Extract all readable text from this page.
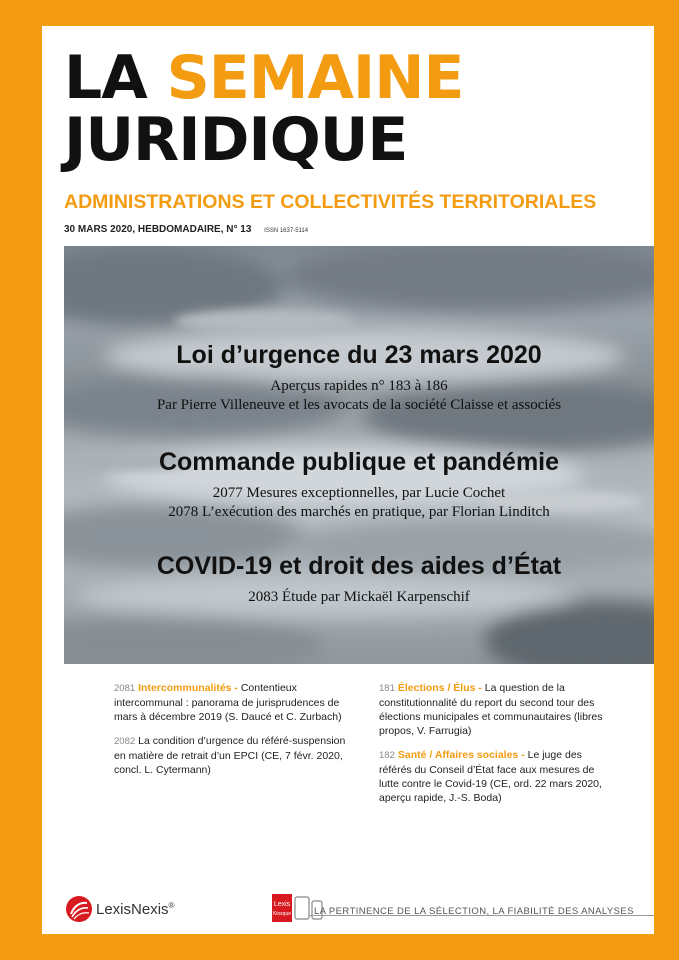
LA SEMAINE
JURIDIQUE
ADMINISTRATIONS ET COLLECTIVITÉS TERRITORIALES
30 MARS 2020, HEBDOMADAIRE, N° 13 ISSN 1637-5114
Loi d’urgence du 23 mars 2020
Aperçus rapides n° 183 à 186
Par Pierre Villeneuve et les avocats de la société Claisse et associés
Commande publique et pandémie
2077 Mesures exceptionnelles, par Lucie Cochet
2078 L’exécution des marchés en pratique, par Florian Linditch
COVID-19 et droit des aides d’État
2083 Étude par Mickaël Karpenschif
2081 Intercommunalités - Contentieux intercommunal : panorama de jurisprudences de mars à décembre 2019 (S. Daucé et C. Zurbach)
2082 La condition d’urgence du référé-suspension en matière de retrait d’un EPCI (CE, 7 févr. 2020, concl. L. Cytermann)
181 Élections / Élus - La question de la constitutionnalité du report du second tour des élections municipales et communautaires (libres propos, V. Farrugia)
182 Santé / Affaires sociales - Le juge des référés du Conseil d’État face aux mesures de lutte contre le Covid-19 (CE, ord. 22 mars 2020, aperçu rapide, J.-S. Boda)
LexisNexis®	Lexis
Kiosque LA PERTINENCE DE LA SÉLECTION, LA FIABILITÉ DES ANALYSES
